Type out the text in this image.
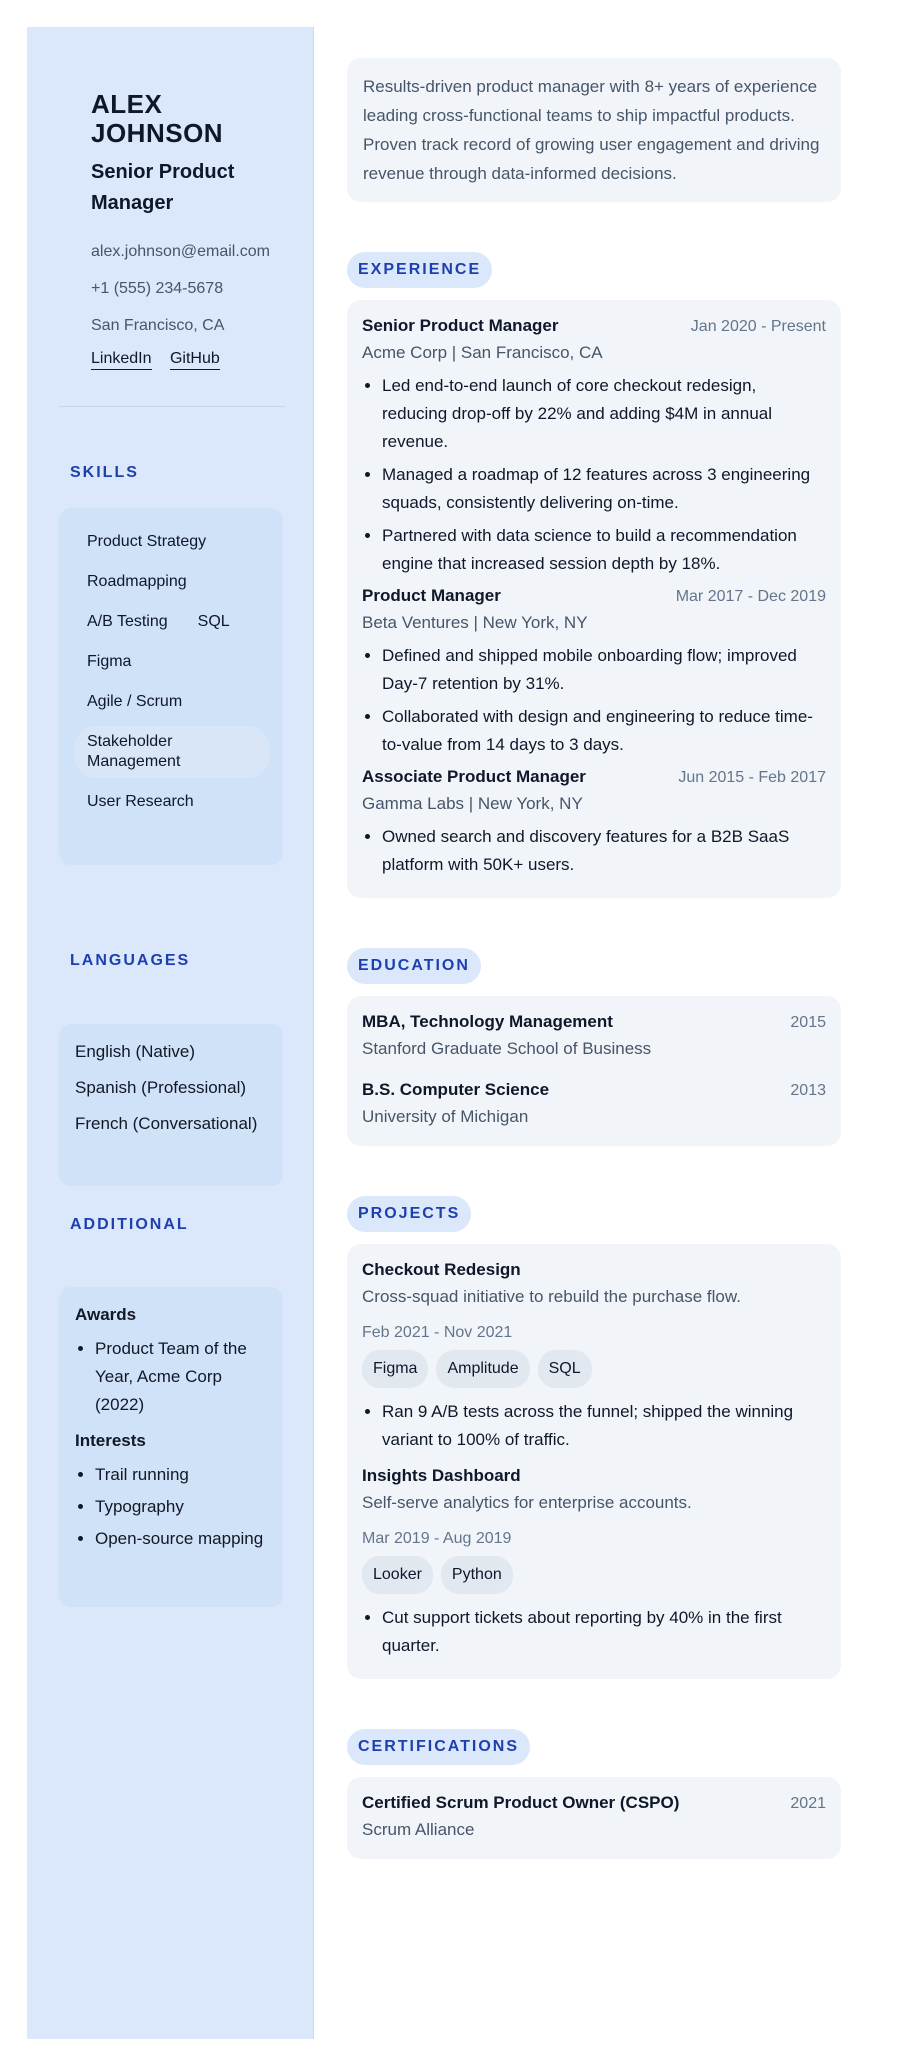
ALEX JOHNSON
Senior Product Manager
alex.johnson@email.com
+1 (555) 234-5678
San Francisco, CA
LinkedIn GitHub
SKILLS
Product Strategy
Roadmapping
A/B Testing	SQL
Figma
Agile / Scrum
Stakeholder Management
User Research
LANGUAGES
English (Native)
Spanish (Professional)
French (Conversational)
ADDITIONAL
Awards
• Product Team of the Year, Acme Corp (2022)
Interests
• Trail running
• Typography
• Open-source mapping
Results-driven product manager with 8+ years of experience leading cross-functional teams to ship impactful products. Proven track record of growing user engagement and driving revenue through data-informed decisions.
EXPERIENCE
Senior Product Manager	Jan 2020 - Present
Acme Corp | San Francisco, CA
• Led end-to-end launch of core checkout redesign, reducing drop-off by 22% and adding $4M in annual revenue.
• Managed a roadmap of 12 features across 3 engineering squads, consistently delivering on-time.
• Partnered with data science to build a recommendation engine that increased session depth by 18%.
Product Manager	Mar 2017 - Dec 2019
Beta Ventures | New York, NY
• Defined and shipped mobile onboarding flow; improved Day-7 retention by 31%.
• Collaborated with design and engineering to reduce time-to-value from 14 days to 3 days.
Associate Product Manager	Jun 2015 - Feb 2017
Gamma Labs | New York, NY
• Owned search and discovery features for a B2B SaaS platform with 50K+ users.
EDUCATION
MBA, Technology Management	2015
Stanford Graduate School of Business
B.S. Computer Science	2013
University of Michigan
PROJECTS
Checkout Redesign
Cross-squad initiative to rebuild the purchase flow.
Feb 2021 - Nov 2021
Figma	Amplitude	SQL
• Ran 9 A/B tests across the funnel; shipped the winning variant to 100% of traffic.
Insights Dashboard
Self-serve analytics for enterprise accounts.
Mar 2019 - Aug 2019
Looker	Python
• Cut support tickets about reporting by 40% in the first quarter.
CERTIFICATIONS
Certified Scrum Product Owner (CSPO)	2021
Scrum Alliance
